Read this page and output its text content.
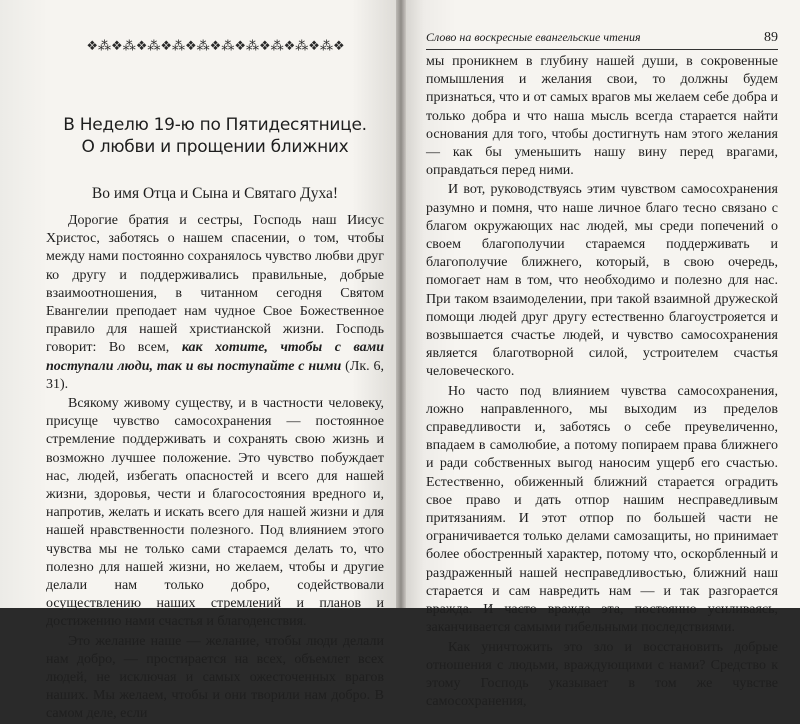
❖ ⁂ ❖ ⁂ ❖ ⁂ ❖ ⁂ ❖ ⁂ ❖ ⁂ ❖ ⁂ ❖ ⁂ ❖ ⁂ ❖ ⁂ ❖
В Неделю 19-ю по Пятидесятнице.
О любви и прощении ближних
Во имя Отца и Сына и Святаго Духа!

Дорогие братия и сестры, Господь наш Иисус Христос, заботясь о нашем спасении, о том, чтобы между нами постоянно сохранялось чувство любви друг ко другу и поддерживались правильные, добрые взаимоотношения, в читанном сегодня Святом Евангелии преподает нам чудное Свое Божественное правило для нашей христианской жизни. Господь говорит: Во всем, как хотите, чтобы с вами поступали люди, так и вы поступайте с ними (Лк. 6, 31).

Всякому живому существу, и в частности человеку, присуще чувство самосохранения — постоянное стремление поддерживать и сохранять свою жизнь и возможно лучшее положение. Это чувство побуждает нас, людей, избегать опасностей и всего для нашей жизни, здоровья, чести и благосостояния вредного и, напротив, желать и искать всего для нашей жизни и для нашей нравственности полезного. Под влиянием этого чувства мы не только сами стараемся делать то, что полезно для нашей жизни, но желаем, чтобы и другие делали нам только добро, содействовали осуществлению наших стремлений и планов и достижению нами счастья и благоденствия.

Это желание наше — желание, чтобы люди делали нам добро, — простирается на всех, объемлет всех людей, не исключая и самых ожесточенных врагов наших. Мы желаем, чтобы и они творили нам добро. В самом деле, если

Слово на воскресные евангельские чтения	89

мы проникнем в глубину нашей души, в сокровенные помышления и желания свои, то должны будем признаться, что и от самых врагов мы желаем себе добра и только добра и что наша мысль всегда старается найти основания для того, чтобы достигнуть нам этого желания — как бы уменьшить нашу вину перед врагами, оправдаться перед ними.

И вот, руководствуясь этим чувством самосохранения разумно и помня, что наше личное благо тесно связано с благом окружающих нас людей, мы среди попечений о своем благополучии стараемся поддерживать и благополучие ближнего, который, в свою очередь, помогает нам в том, что необходимо и полезно для нас. При таком взаимоделении, при такой взаимной дружеской помощи людей друг другу естественно благоустрояется и возвышается счастье людей, и чувство самосохранения является благотворной силой, устроителем счастья человеческого.

Но часто под влиянием чувства самосохранения, ложно направленного, мы выходим из пределов справедливости и, заботясь о себе преувеличенно, впадаем в самолюбие, а потому попираем права ближнего и ради собственных выгод наносим ущерб его счастью. Естественно, обиженный ближний старается оградить свое право и дать отпор нашим несправедливым притязаниям. И этот отпор по большей части не ограничивается только делами самозащиты, но принимает более обостренный характер, потому что, оскорбленный и раздраженный нашей несправедливостью, ближний наш старается и сам навредить нам — и так разгорается вражда. И часто вражда эта, постоянно усиливаясь, заканчивается самыми гибельными последствиями.

Как уничтожить это зло и восстановить добрые отношения с людьми, враждующими с нами? Средство к этому Господь указывает в том же чувстве самосохранения,
